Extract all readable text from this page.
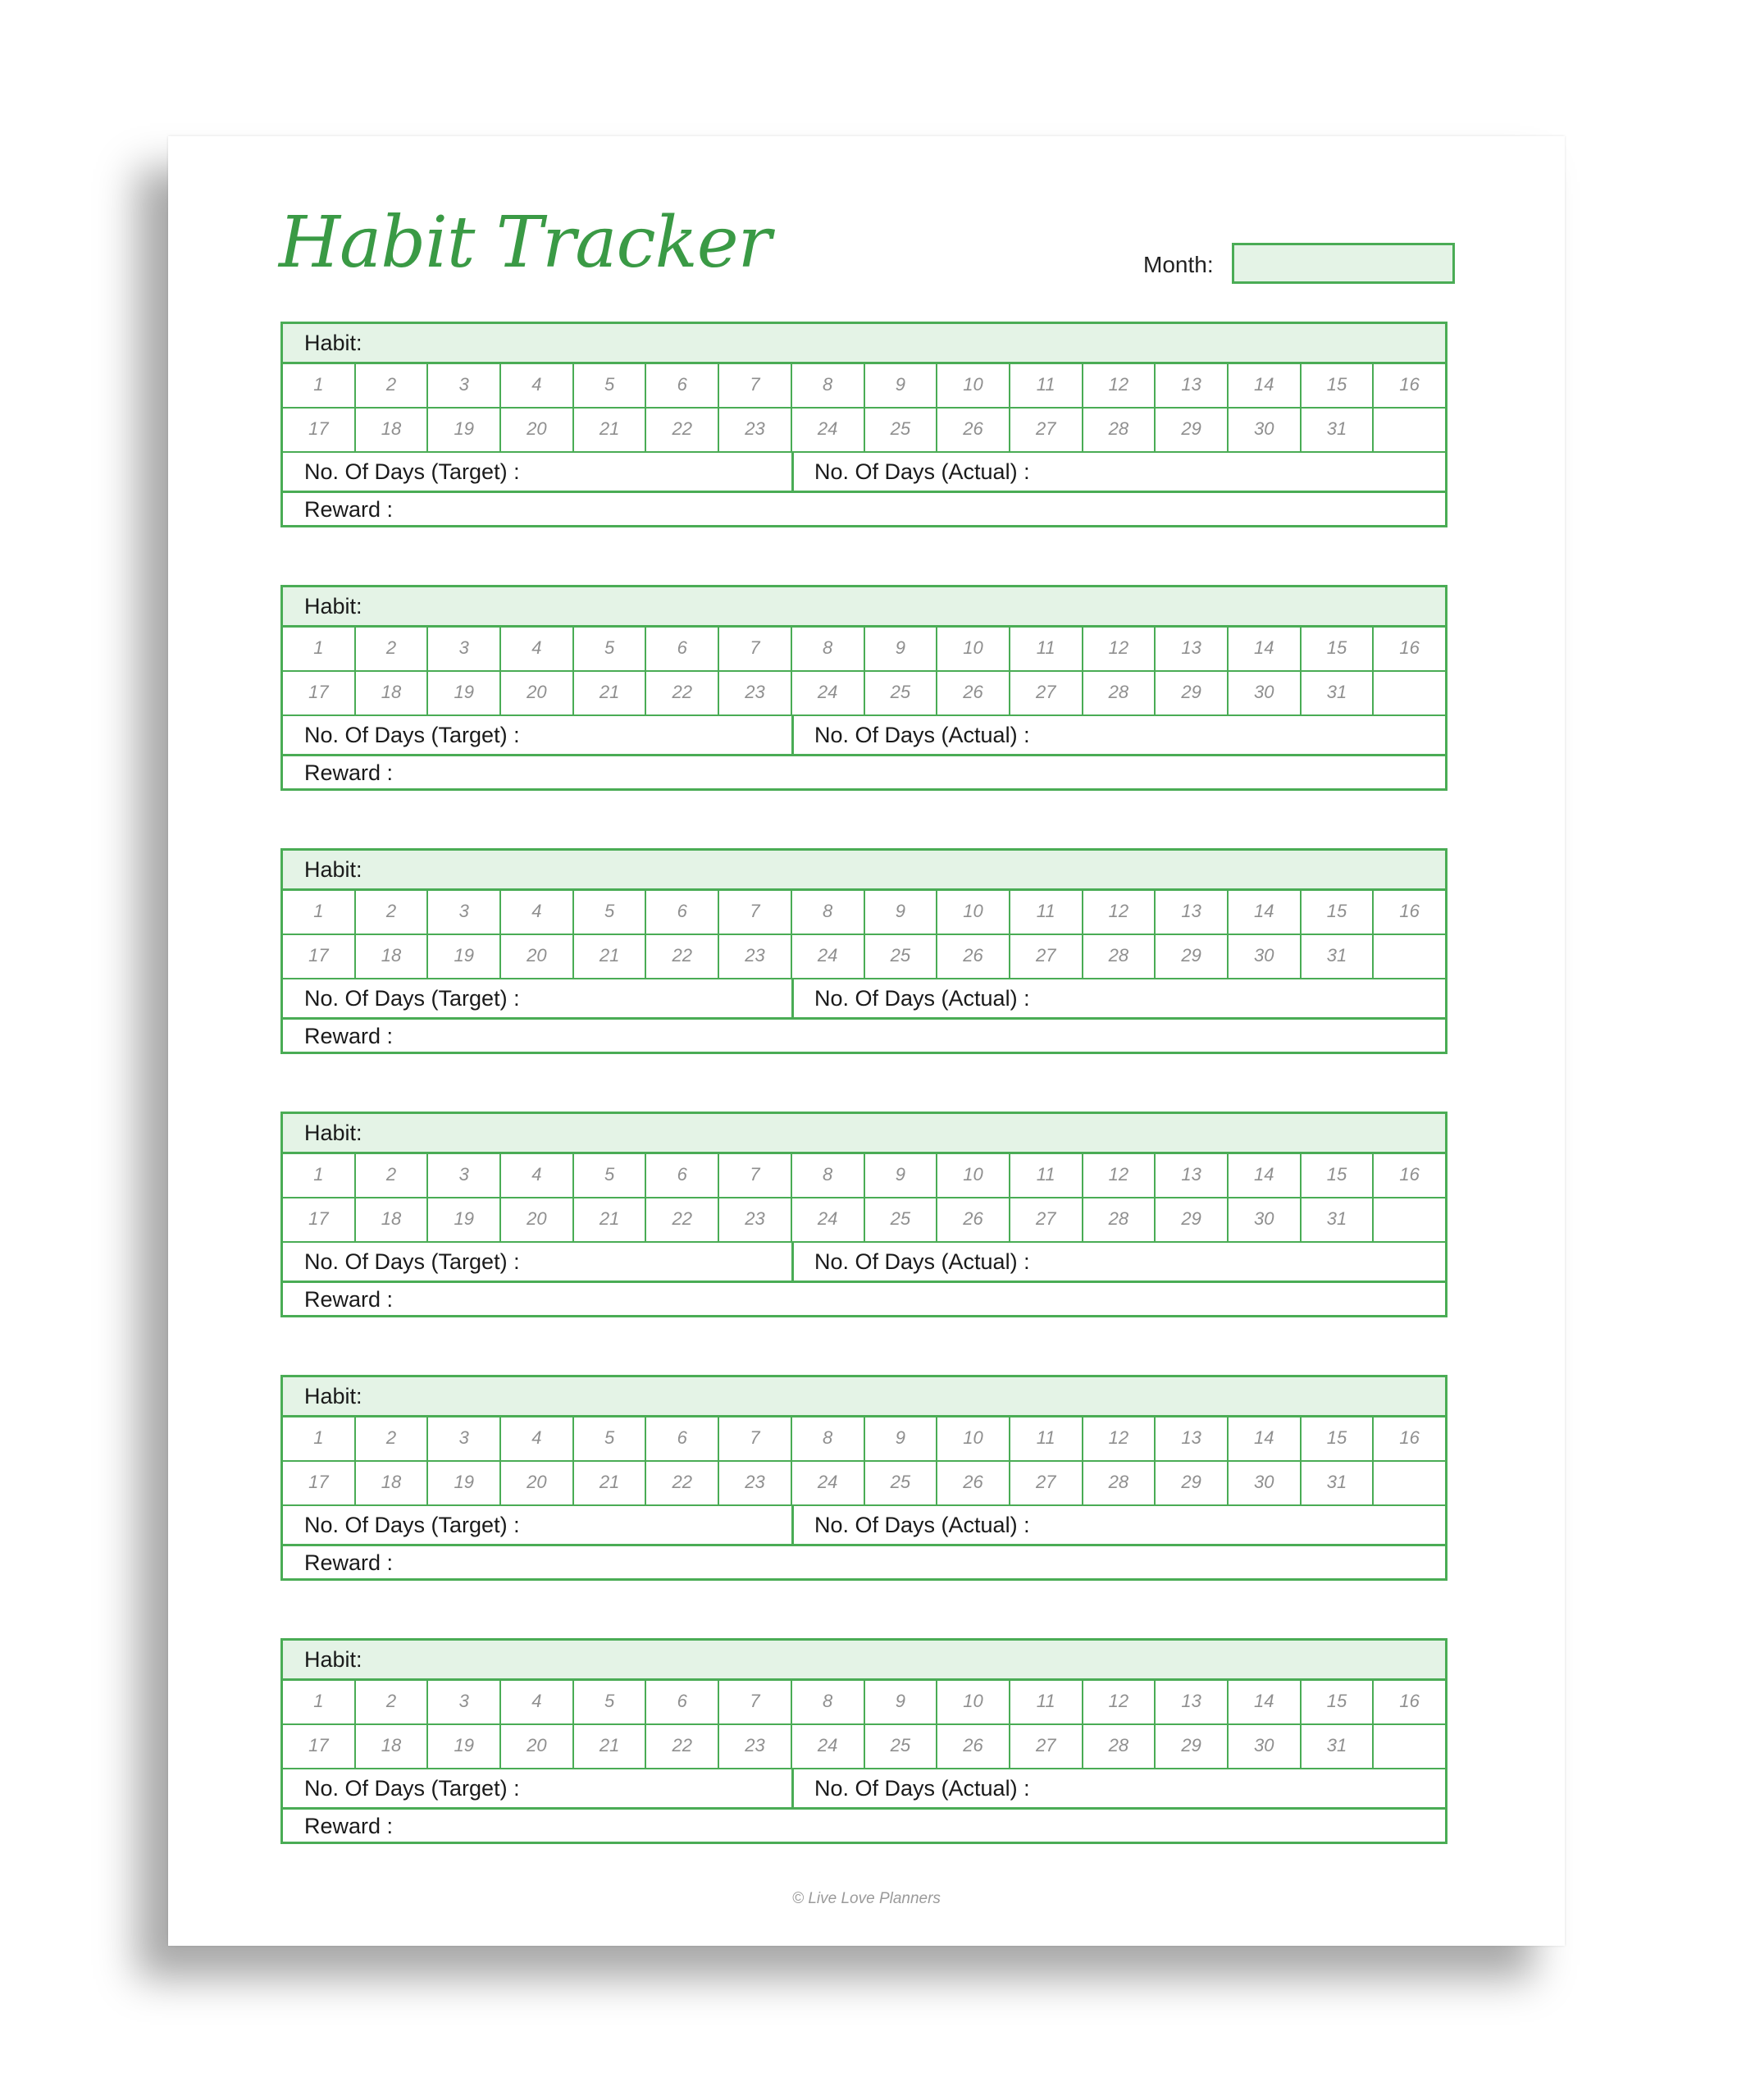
Habit Tracker	Month:
Habit:
1	2	3	4	5	6	7	8	9	10	11	12	13	14	15	16
17	18	19	20	21	22	23	24	25	26	27	28	29	30	31
No. Of Days (Target) :	No. Of Days (Actual) :
Reward :
Habit:
1	2	3	4	5	6	7	8	9	10	11	12	13	14	15	16
17	18	19	20	21	22	23	24	25	26	27	28	29	30	31
No. Of Days (Target) :	No. Of Days (Actual) :
Reward :
Habit:
1	2	3	4	5	6	7	8	9	10	11	12	13	14	15	16
17	18	19	20	21	22	23	24	25	26	27	28	29	30	31
No. Of Days (Target) :	No. Of Days (Actual) :
Reward :
Habit:
1	2	3	4	5	6	7	8	9	10	11	12	13	14	15	16
17	18	19	20	21	22	23	24	25	26	27	28	29	30	31
No. Of Days (Target) :	No. Of Days (Actual) :
Reward :
Habit:
1	2	3	4	5	6	7	8	9	10	11	12	13	14	15	16
17	18	19	20	21	22	23	24	25	26	27	28	29	30	31
No. Of Days (Target) :	No. Of Days (Actual) :
Reward :
Habit:
1	2	3	4	5	6	7	8	9	10	11	12	13	14	15	16
17	18	19	20	21	22	23	24	25	26	27	28	29	30	31
No. Of Days (Target) :	No. Of Days (Actual) :
Reward :
© Live Love Planners
